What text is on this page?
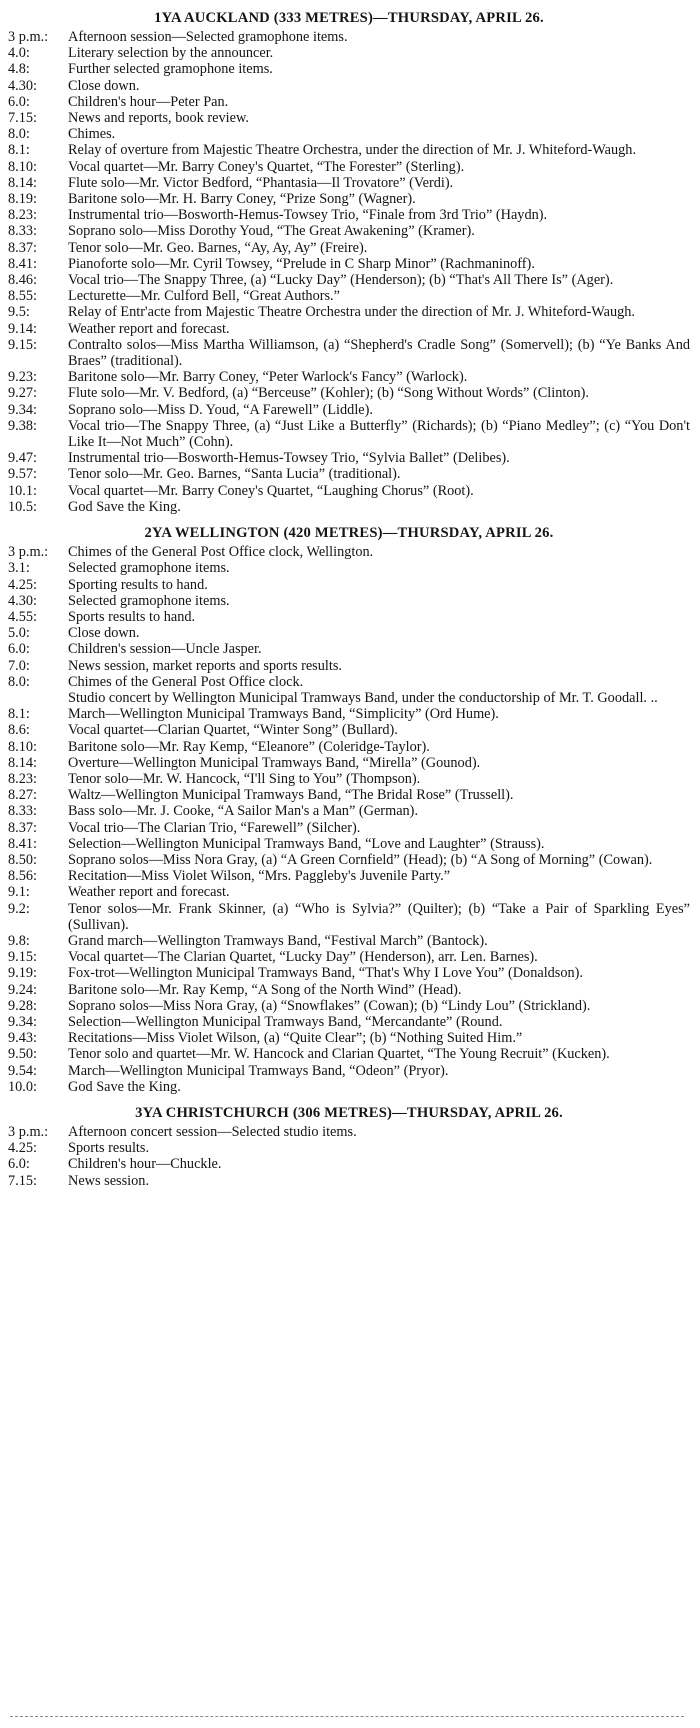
1YA AUCKLAND (333 METRES)—THURSDAY, APRIL 26.
3 p.m.:	Afternoon session—Selected gramophone items.
4.0:	Literary selection by the announcer.
4.8:	Further selected gramophone items.
4.30:	Close down.
6.0:	Children's hour—Peter Pan.
7.15:	News and reports, book review.
8.0:	Chimes.
8.1:	Relay of overture from Majestic Theatre Orchestra, under the direction of Mr. J. Whiteford-Waugh.
8.10:	Vocal quartet—Mr. Barry Coney's Quartet, “The Forester” (Sterling).
8.14:	Flute solo—Mr. Victor Bedford, “Phantasia—Il Trovatore” (Verdi).
8.19:	Baritone solo—Mr. H. Barry Coney, “Prize Song” (Wagner).
8.23:	Instrumental trio—Bosworth-Hemus-Towsey Trio, “Finale from 3rd Trio” (Haydn).
8.33:	Soprano solo—Miss Dorothy Youd, “The Great Awakening” (Kramer).
8.37:	Tenor solo—Mr. Geo. Barnes, “Ay, Ay, Ay” (Freire).
8.41:	Pianoforte solo—Mr. Cyril Towsey, “Prelude in C Sharp Minor” (Rachmaninoff).
8.46:	Vocal trio—The Snappy Three, (a) “Lucky Day” (Henderson); (b) “That's All There Is” (Ager).
8.55:	Lecturette—Mr. Culford Bell, “Great Authors.”
9.5:	Relay of Entr'acte from Majestic Theatre Orchestra under the direction of Mr. J. Whiteford-Waugh.
9.14:	Weather report and forecast.
9.15:	Contralto solos—Miss Martha Williamson, (a) “Shepherd's Cradle Song” (Somervell); (b) “Ye Banks And Braes” (traditional).
9.23:	Baritone solo—Mr. Barry Coney, “Peter Warlock's Fancy” (Warlock).
9.27:	Flute solo—Mr. V. Bedford, (a) “Berceuse” (Kohler); (b) “Song Without Words” (Clinton).
9.34:	Soprano solo—Miss D. Youd, “A Farewell” (Liddle).
9.38:	Vocal trio—The Snappy Three, (a) “Just Like a Butterfly” (Richards); (b) “Piano Medley”; (c) “You Don't Like It—Not Much” (Cohn).
9.47:	Instrumental trio—Bosworth-Hemus-Towsey Trio, “Sylvia Ballet” (Delibes).
9.57:	Tenor solo—Mr. Geo. Barnes, “Santa Lucia” (traditional).
10.1:	Vocal quartet—Mr. Barry Coney's Quartet, “Laughing Chorus” (Root).
10.5:	God Save the King.
2YA WELLINGTON (420 METRES)—THURSDAY, APRIL 26.
3 p.m.:	Chimes of the General Post Office clock, Wellington.
3.1:	Selected gramophone items.
4.25:	Sporting results to hand.
4.30:	Selected gramophone items.
4.55:	Sports results to hand.
5.0:	Close down.
6.0:	Children's session—Uncle Jasper.
7.0:	News session, market reports and sports results.
8.0:	Chimes of the General Post Office clock.
Studio concert by Wellington Municipal Tramways Band, under the conductorship of Mr. T. Goodall. ..
8.1:	March—Wellington Municipal Tramways Band, “Simplicity” (Ord Hume).
8.6:	Vocal quartet—Clarian Quartet, “Winter Song” (Bullard).
8.10:	Baritone solo—Mr. Ray Kemp, “Eleanore” (Coleridge-Taylor).
8.14:	Overture—Wellington Municipal Tramways Band, “Mirella” (Gounod).
8.23:	Tenor solo—Mr. W. Hancock, “I'll Sing to You” (Thompson).
8.27:	Waltz—Wellington Municipal Tramways Band, “The Bridal Rose” (Trussell).
8.33:	Bass solo—Mr. J. Cooke, “A Sailor Man's a Man” (German).
8.37:	Vocal trio—The Clarian Trio, “Farewell” (Silcher).
8.41:	Selection—Wellington Municipal Tramways Band, “Love and Laughter” (Strauss).
8.50:	Soprano solos—Miss Nora Gray, (a) “A Green Cornfield” (Head); (b) “A Song of Morning” (Cowan).
8.56:	Recitation—Miss Violet Wilson, “Mrs. Paggleby's Juvenile Party.”
9.1:	Weather report and forecast.
9.2:	Tenor solos—Mr. Frank Skinner, (a) “Who is Sylvia?” (Quilter); (b) “Take a Pair of Sparkling Eyes” (Sullivan).
9.8:	Grand march—Wellington Tramways Band, “Festival March” (Bantock).
9.15:	Vocal quartet—The Clarian Quartet, “Lucky Day” (Henderson), arr. Len. Barnes).
9.19:	Fox-trot—Wellington Municipal Tramways Band, “That's Why I Love You” (Donaldson).
9.24:	Baritone solo—Mr. Ray Kemp, “A Song of the North Wind” (Head).
9.28:	Soprano solos—Miss Nora Gray, (a) “Snowflakes” (Cowan); (b) “Lindy Lou” (Strickland).
9.34:	Selection—Wellington Municipal Tramways Band, “Mercandante” (Round.
9.43:	Recitations—Miss Violet Wilson, (a) “Quite Clear”; (b) “Nothing Suited Him.”
9.50:	Tenor solo and quartet—Mr. W. Hancock and Clarian Quartet, “The Young Recruit” (Kucken).
9.54:	March—Wellington Municipal Tramways Band, “Odeon” (Pryor).
10.0:	God Save the King.
3YA CHRISTCHURCH (306 METRES)—THURSDAY, APRIL 26.
3 p.m.:	Afternoon concert session—Selected studio items.
4.25:	Sports results.
6.0:	Children's hour—Chuckle.
7.15:	News session.
